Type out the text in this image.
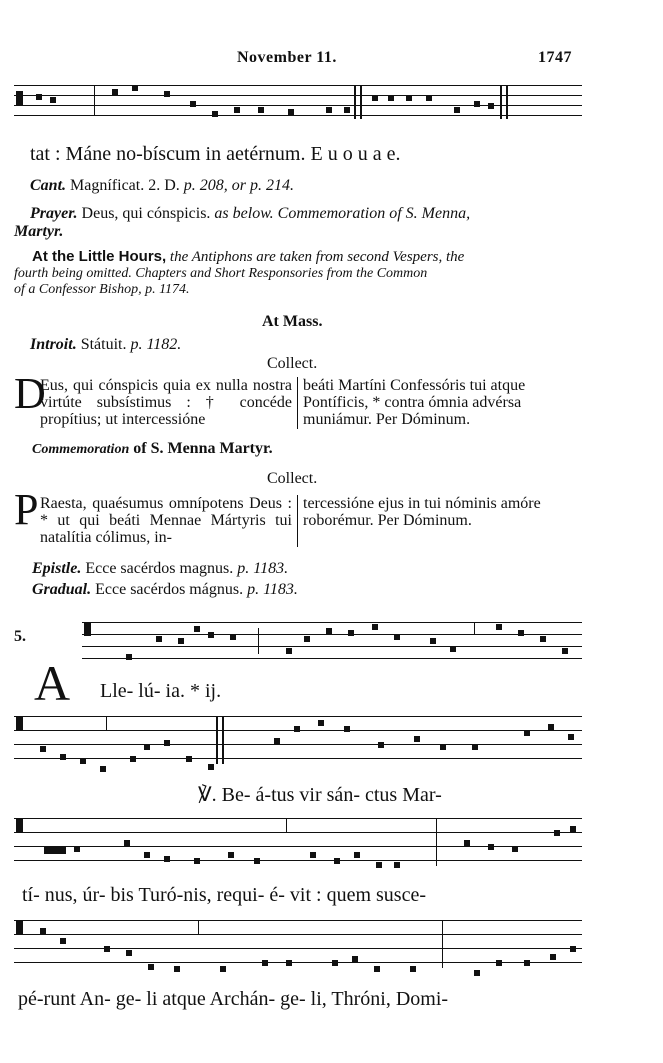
November 11.	1747
tat : Máne no-bíscum in aetérnum. E u o u a e.
Cant. Magníficat. 2. D. p. 208, or p. 214.
Prayer. Deus, qui cónspicis. as below. Commemoration of S. Menna,
Martyr.
At the Little Hours, the Antiphons are taken from second Vespers, the
fourth being omitted. Chapters and Short Responsories from the Common
of a Confessor Bishop, p. 1174.
At Mass.
Introit. Státuit. p. 1182.
Collect.
D
Eus, qui cónspicis quia ex nulla nostra virtúte subsístimus : † concéde propítius; ut intercessióne
beáti Martíni Confessóris tui atque Pontíficis, * contra ómnia advérsa muniámur. Per Dóminum.
Commemoration of S. Menna Martyr.
Collect.
P Raesta, quaésumus omnípotens Deus : * ut qui beáti Mennae Mártyris tui natalítia cólimus, in-
tercessióne ejus in tui nóminis amóre roborémur. Per Dóminum.
Epistle. Ecce sacérdos magnus. p. 1183.
Gradual. Ecce sacérdos mágnus. p. 1183.
5.
A Lle- lú- ia. * ij.
℣. Be- á-tus vir sán- ctus Mar-
tí- nus, úr- bis Turó-nis, requi- é- vit : quem susce-
pé-runt An- ge- li atque Archán- ge- li, Thróni, Domi-
